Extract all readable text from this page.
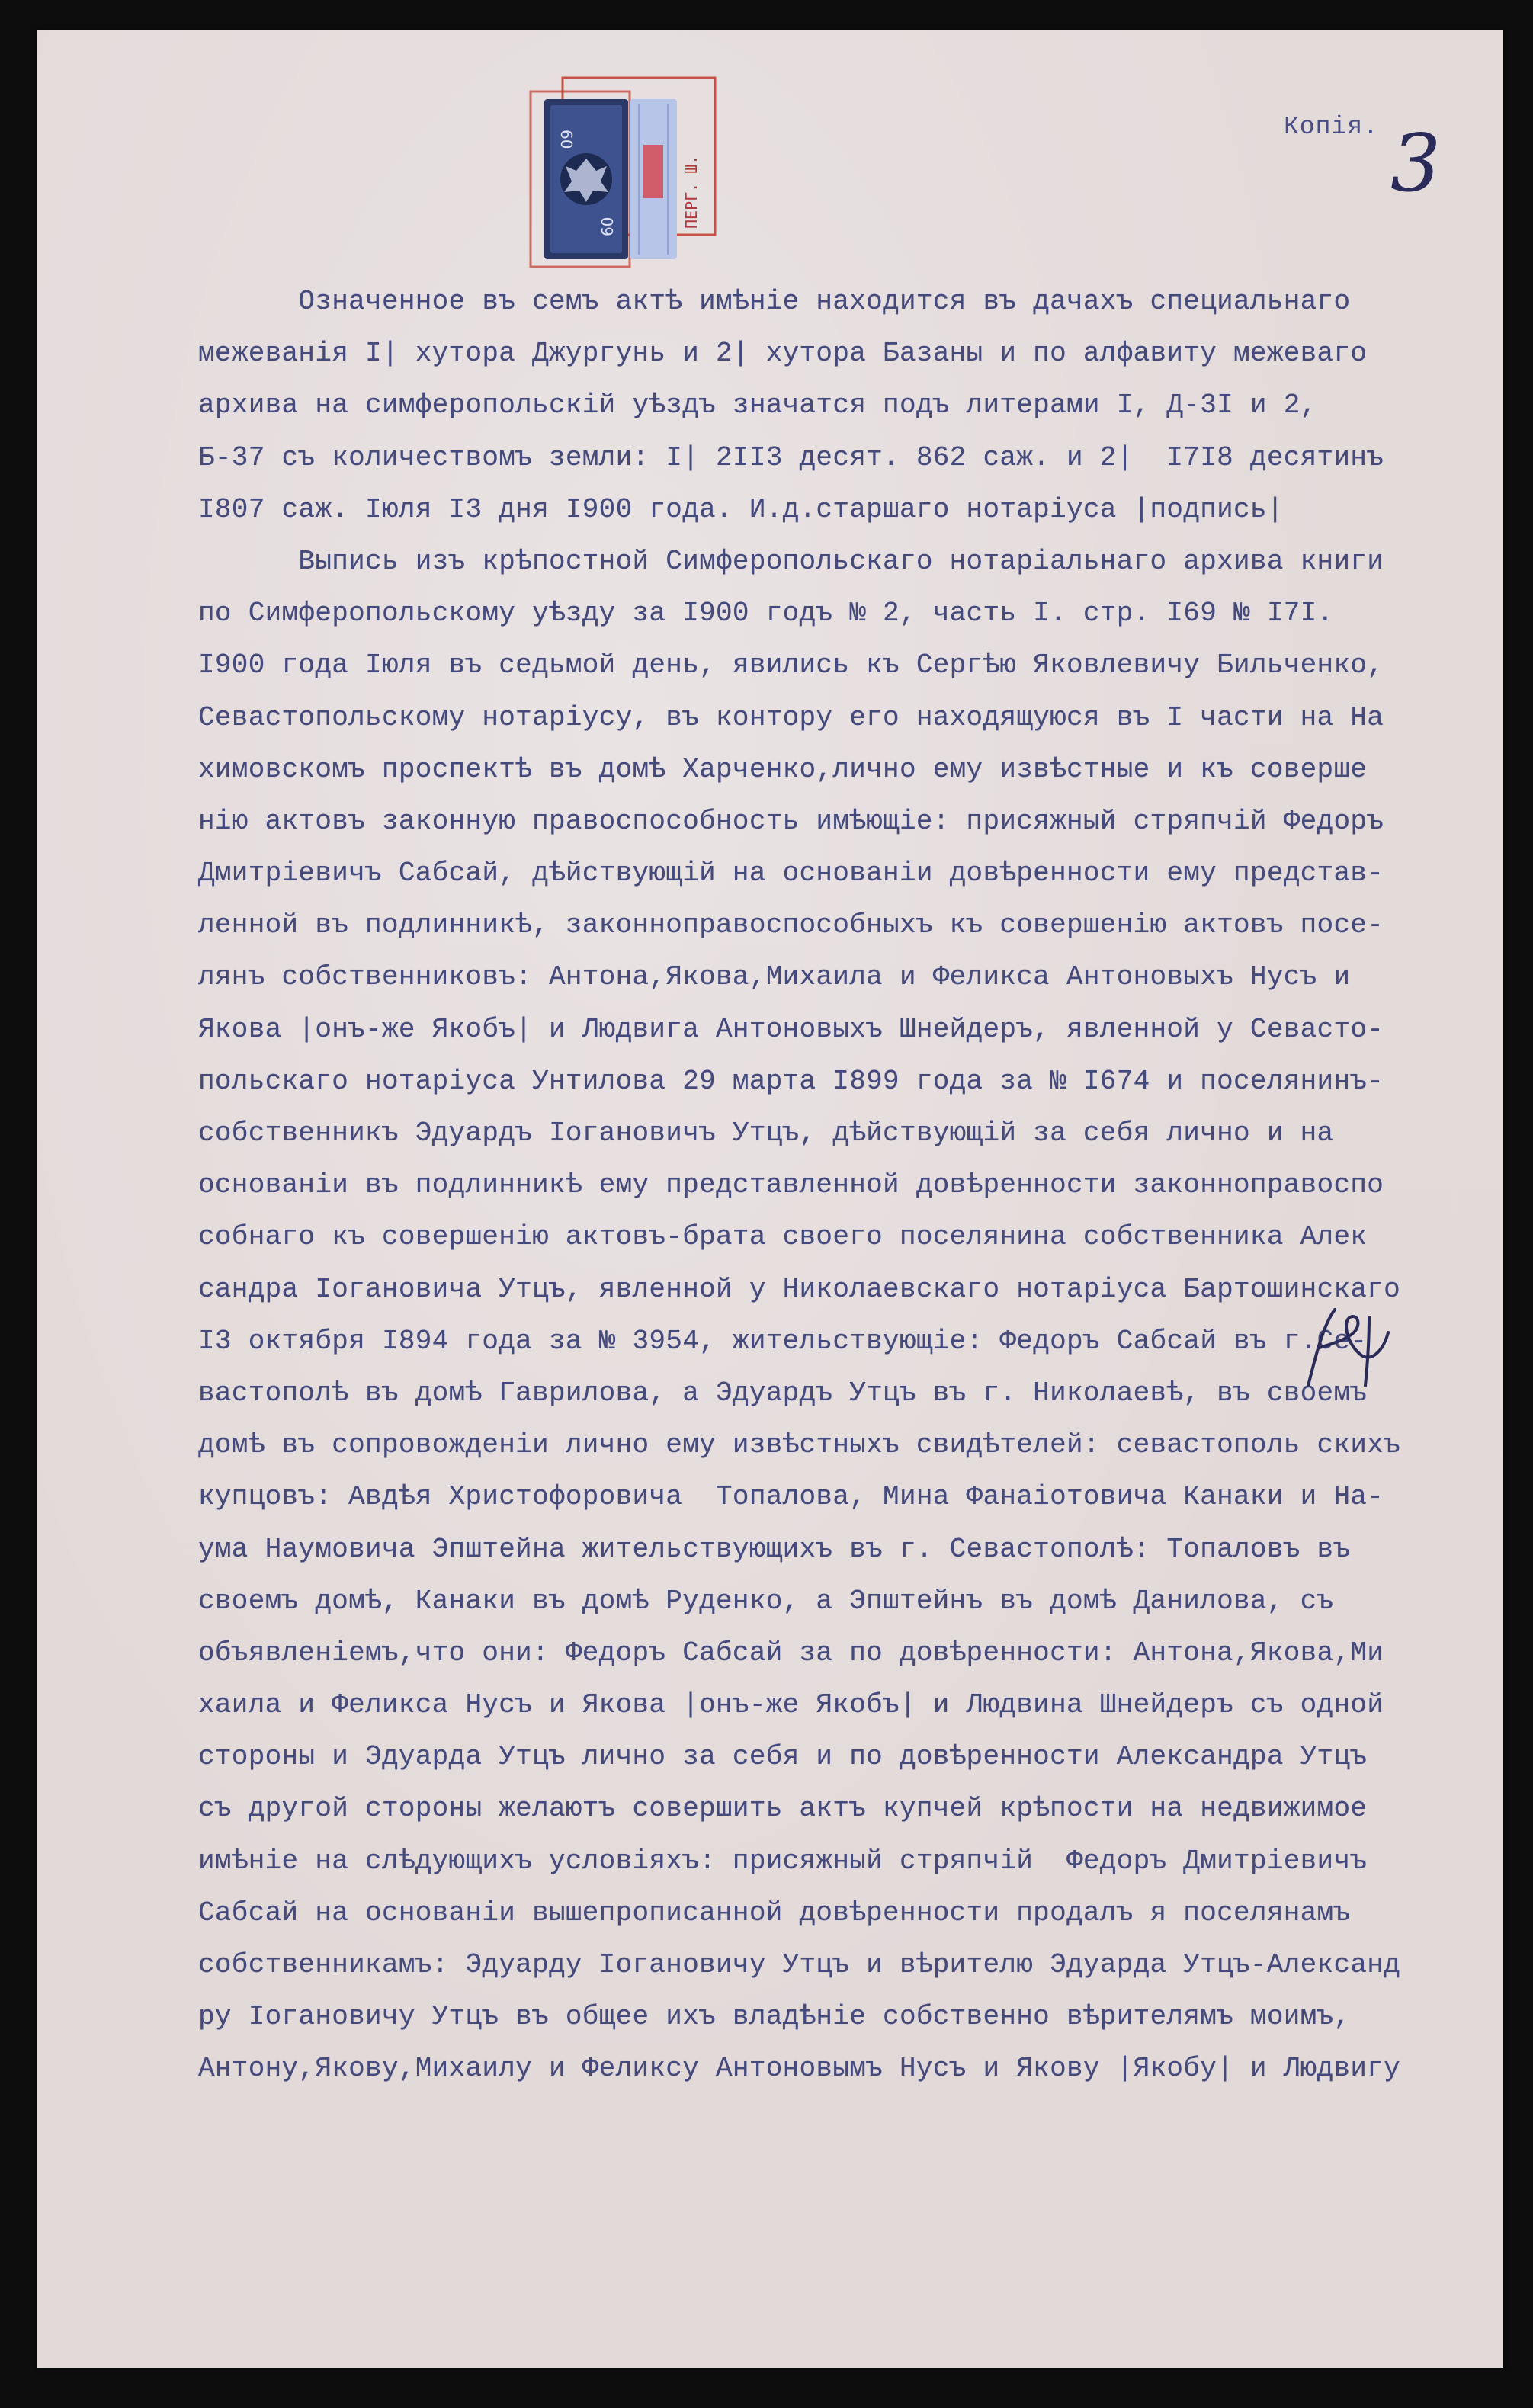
60
60	ПЕРГ. Ш.
Копія. 3
Означенное въ семъ актѣ имѣніе находится въ дачахъ специальнаго
межеванія I| хутора Джургунь и 2| хутора Базаны и по алфавиту межеваго
архива на симферопольскій уѣздъ значатся подъ литерами I, Д-3I и 2,
Б-37 съ количествомъ земли: I| 2II3 десят. 862 саж. и 2|  I7I8 десятинъ
I807 саж. Іюля I3 дня I900 года. И.д.старшаго нотаріуса |подпись|
Выпись изъ крѣпостной Симферопольскаго нотаріальнаго архива книги
по Симферопольскому уѣзду за I900 годъ № 2, часть I. стр. I69 № I7I.
I900 года Іюля въ седьмой день, явились къ Сергѣю Яковлевичу Бильченко,
Севастопольскому нотаріусу, въ контору его находящуюся въ I части на На
химовскомъ проспектѣ въ домѣ Харченко,лично ему извѣстные и къ соверше
нію актовъ законную правоспособность имѣющіе: присяжный стряпчій Федоръ
Дмитріевичъ Сабсай, дѣйствующій на основаніи довѣренности ему представ-
ленной въ подлинникѣ, законноправоспособныхъ къ совершенію актовъ посе-
лянъ собственниковъ: Антона,Якова,Михаила и Феликса Антоновыхъ Нусъ и
Якова |онъ-же Якобъ| и Людвига Антоновыхъ Шнейдеръ, явленной у Севасто-
польскаго нотаріуса Унтилова 29 марта I899 года за № I674 и поселянинъ-
собственникъ Эдуардъ Іогановичъ Утцъ, дѣйствующій за себя лично и на
основаніи въ подлинникѣ ему представленной довѣренности законноправоспо
собнаго къ совершенію актовъ-брата своего поселянина собственника Алек
сандра Іогановича Утцъ, явленной у Николаевскаго нотаріуса Бартошинскаго
I3 октября I894 года за № 3954, жительствующіе: Федоръ Сабсай въ г.Се-
вастополѣ въ домѣ Гаврилова, а Эдуардъ Утцъ въ г. Николаевѣ, въ своемъ
домѣ въ сопровожденіи лично ему извѣстныхъ свидѣтелей: севастополь скихъ
купцовъ: Авдѣя Христофоровича  Топалова, Мина Фанаіотовича Канаки и На-
ума Наумовича Эпштейна жительствующихъ въ г. Севастополѣ: Топаловъ въ
своемъ домѣ, Канаки въ домѣ Руденко, а Эпштейнъ въ домѣ Данилова, съ
объявленіемъ,что они: Федоръ Сабсай за по довѣренности: Антона,Якова,Ми
хаила и Феликса Нусъ и Якова |онъ-же Якобъ| и Людвина Шнейдеръ съ одной
стороны и Эдуарда Утцъ лично за себя и по довѣренности Александра Утцъ
съ другой стороны желаютъ совершить актъ купчей крѣпости на недвижимое
имѣніе на слѣдующихъ условіяхъ: присяжный стряпчій  Федоръ Дмитріевичъ
Сабсай на основаніи вышепрописанной довѣренности продалъ я поселянамъ
собственникамъ: Эдуарду Іогановичу Утцъ и вѣрителю Эдуарда Утцъ-Александ
ру Іогановичу Утцъ въ общее ихъ владѣніе собственно вѣрителямъ моимъ,
Антону,Якову,Михаилу и Феликсу Антоновымъ Нусъ и Якову |Якобу| и Людвигу
